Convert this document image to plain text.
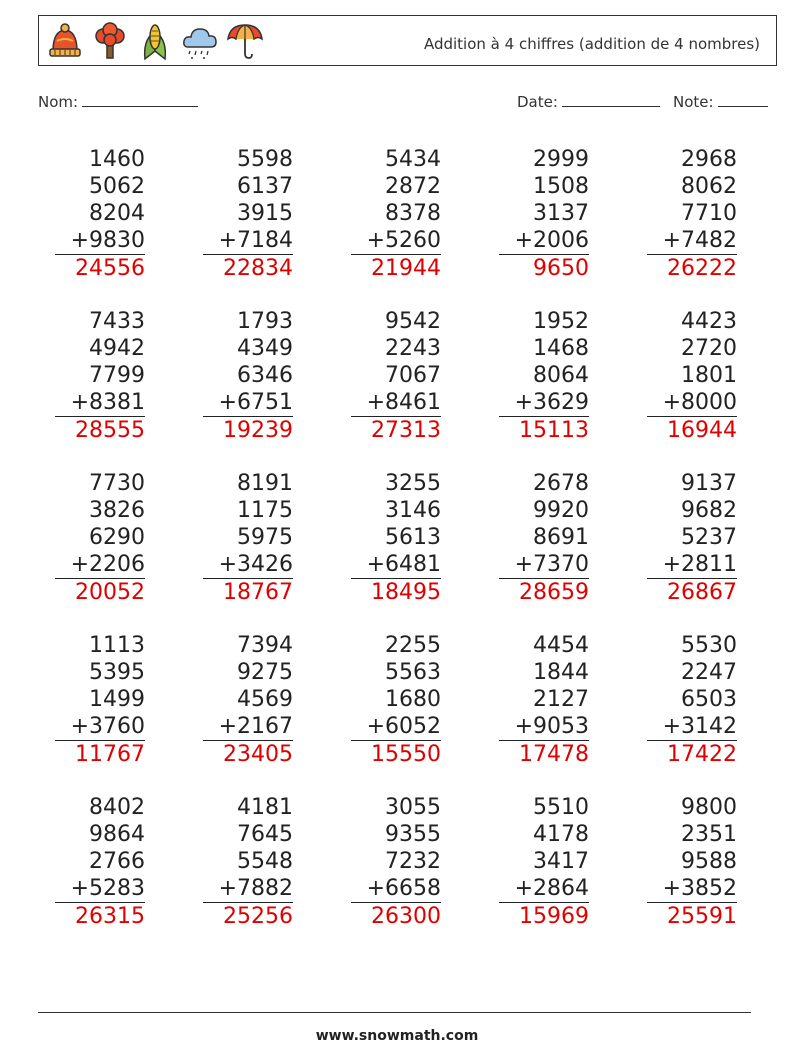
Addition à 4 chiffres (addition de 4 nombres)
Nom:	Date:	Note:
1460
5062
8204
+9830
24556
5598
6137
3915
+7184
22834
5434
2872
8378
+5260
21944
2999
1508
3137
+2006
9650
2968
8062
7710
+7482
26222
7433
4942
7799
+8381
28555
1793
4349
6346
+6751
19239
9542
2243
7067
+8461
27313
1952
1468
8064
+3629
15113
4423
2720
1801
+8000
16944
7730
3826
6290
+2206
20052
8191
1175
5975
+3426
18767
3255
3146
5613
+6481
18495
2678
9920
8691
+7370
28659
9137
9682
5237
+2811
26867
1113
5395
1499
+3760
11767
7394
9275
4569
+2167
23405
2255
5563
1680
+6052
15550
4454
1844
2127
+9053
17478
5530
2247
6503
+3142
17422
8402
9864
2766
+5283
26315
4181
7645
5548
+7882
25256
3055
9355
7232
+6658
26300
5510
4178
3417
+2864
15969
9800
2351
9588
+3852
25591
www.snowmath.com
